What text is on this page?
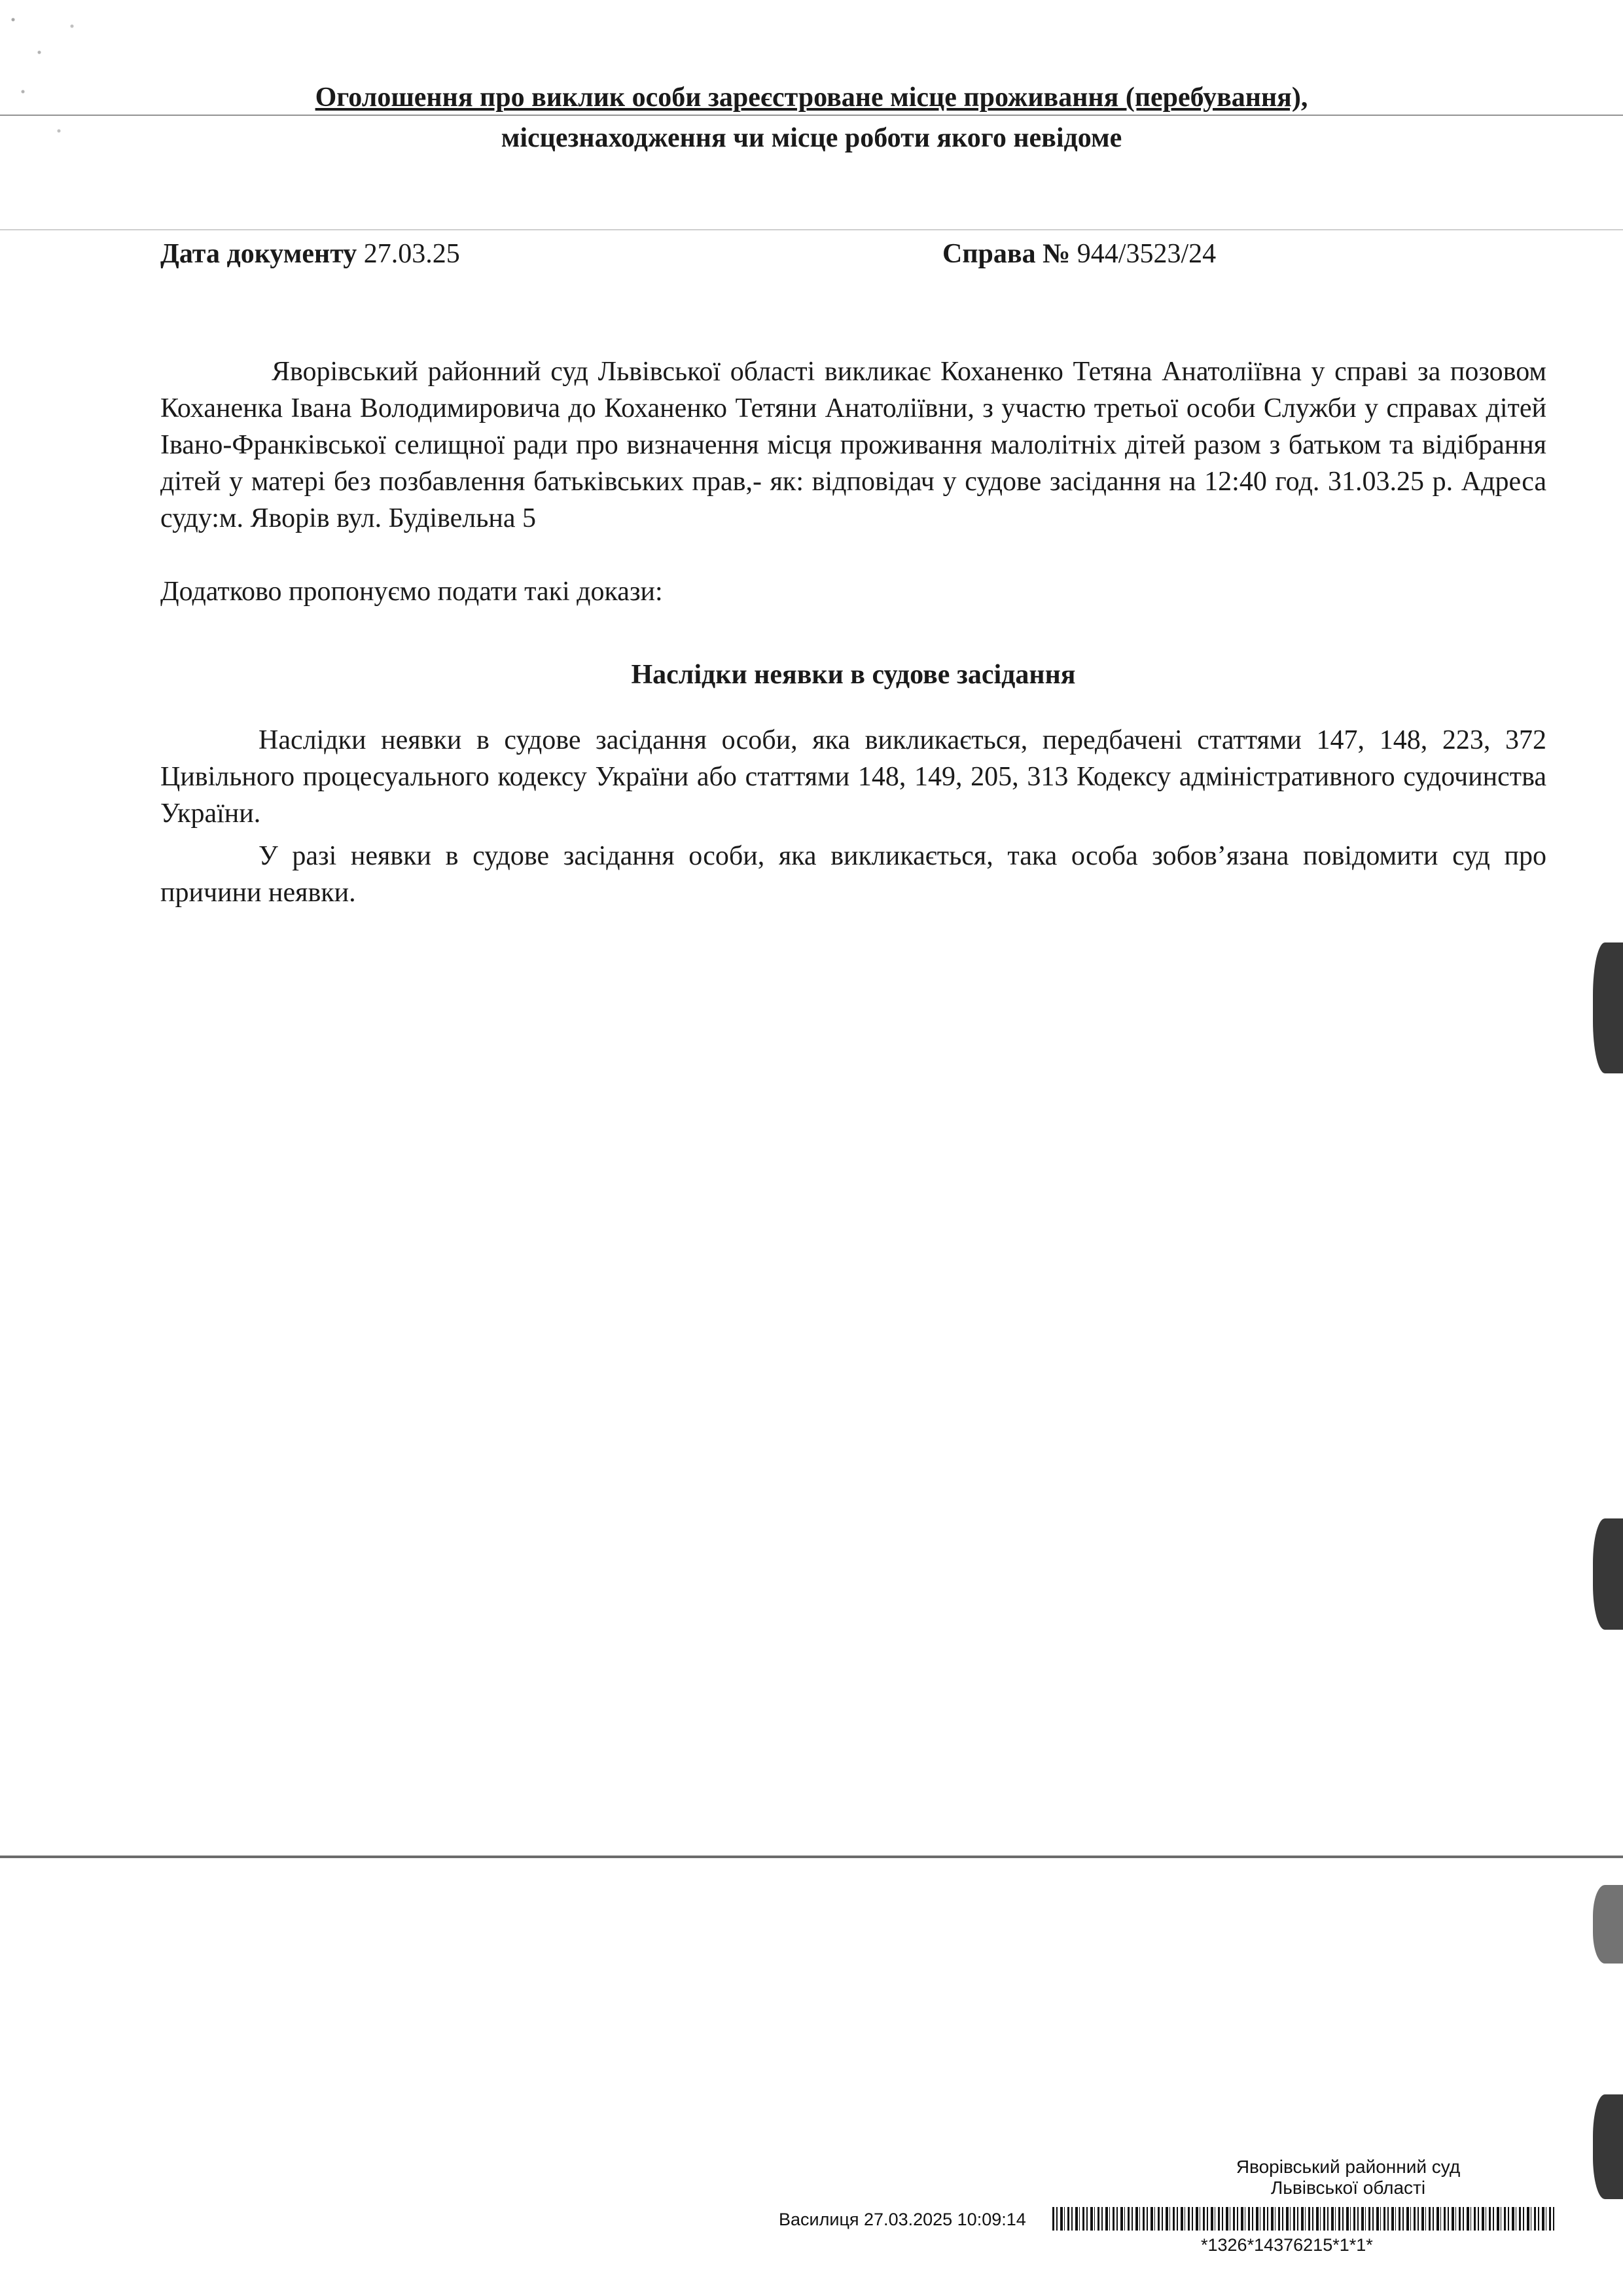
Оголошення про виклик особи зареєстроване місце проживання (перебування),
місцезнаходження чи місце роботи якого невідоме
Дата документу 27.03.25	Справа № 944/3523/24
Яворівський районний суд Львівської області викликає Коханенко Тетяна Анатоліївна у справі за позовом Коханенка Івана Володимировича до Коханенко Тетяни Анатоліївни, з участю третьої особи Служби у справах дітей Івано-Франківської селищної ради про визначення місця проживання малолітніх дітей разом з батьком та відібрання дітей у матері без позбавлення батьківських прав,- як: відповідач у судове засідання на 12:40 год. 31.03.25 р. Адреса суду:м. Яворів вул. Будівельна 5
Додатково пропонуємо подати такі докази:
Наслідки неявки в судове засідання
Наслідки неявки в судове засідання особи, яка викликається, передбачені статтями 147, 148, 223, 372 Цивільного процесуального кодексу України або статтями 148, 149, 205, 313 Кодексу адміністративного судочинства України.
У разі неявки в судове засідання особи, яка викликається, така особа зобов’язана повідомити суд про причини неявки.
Яворівський районний суд
Львівської області
Василиця 27.03.2025 10:09:14
*1326*14376215*1*1*
